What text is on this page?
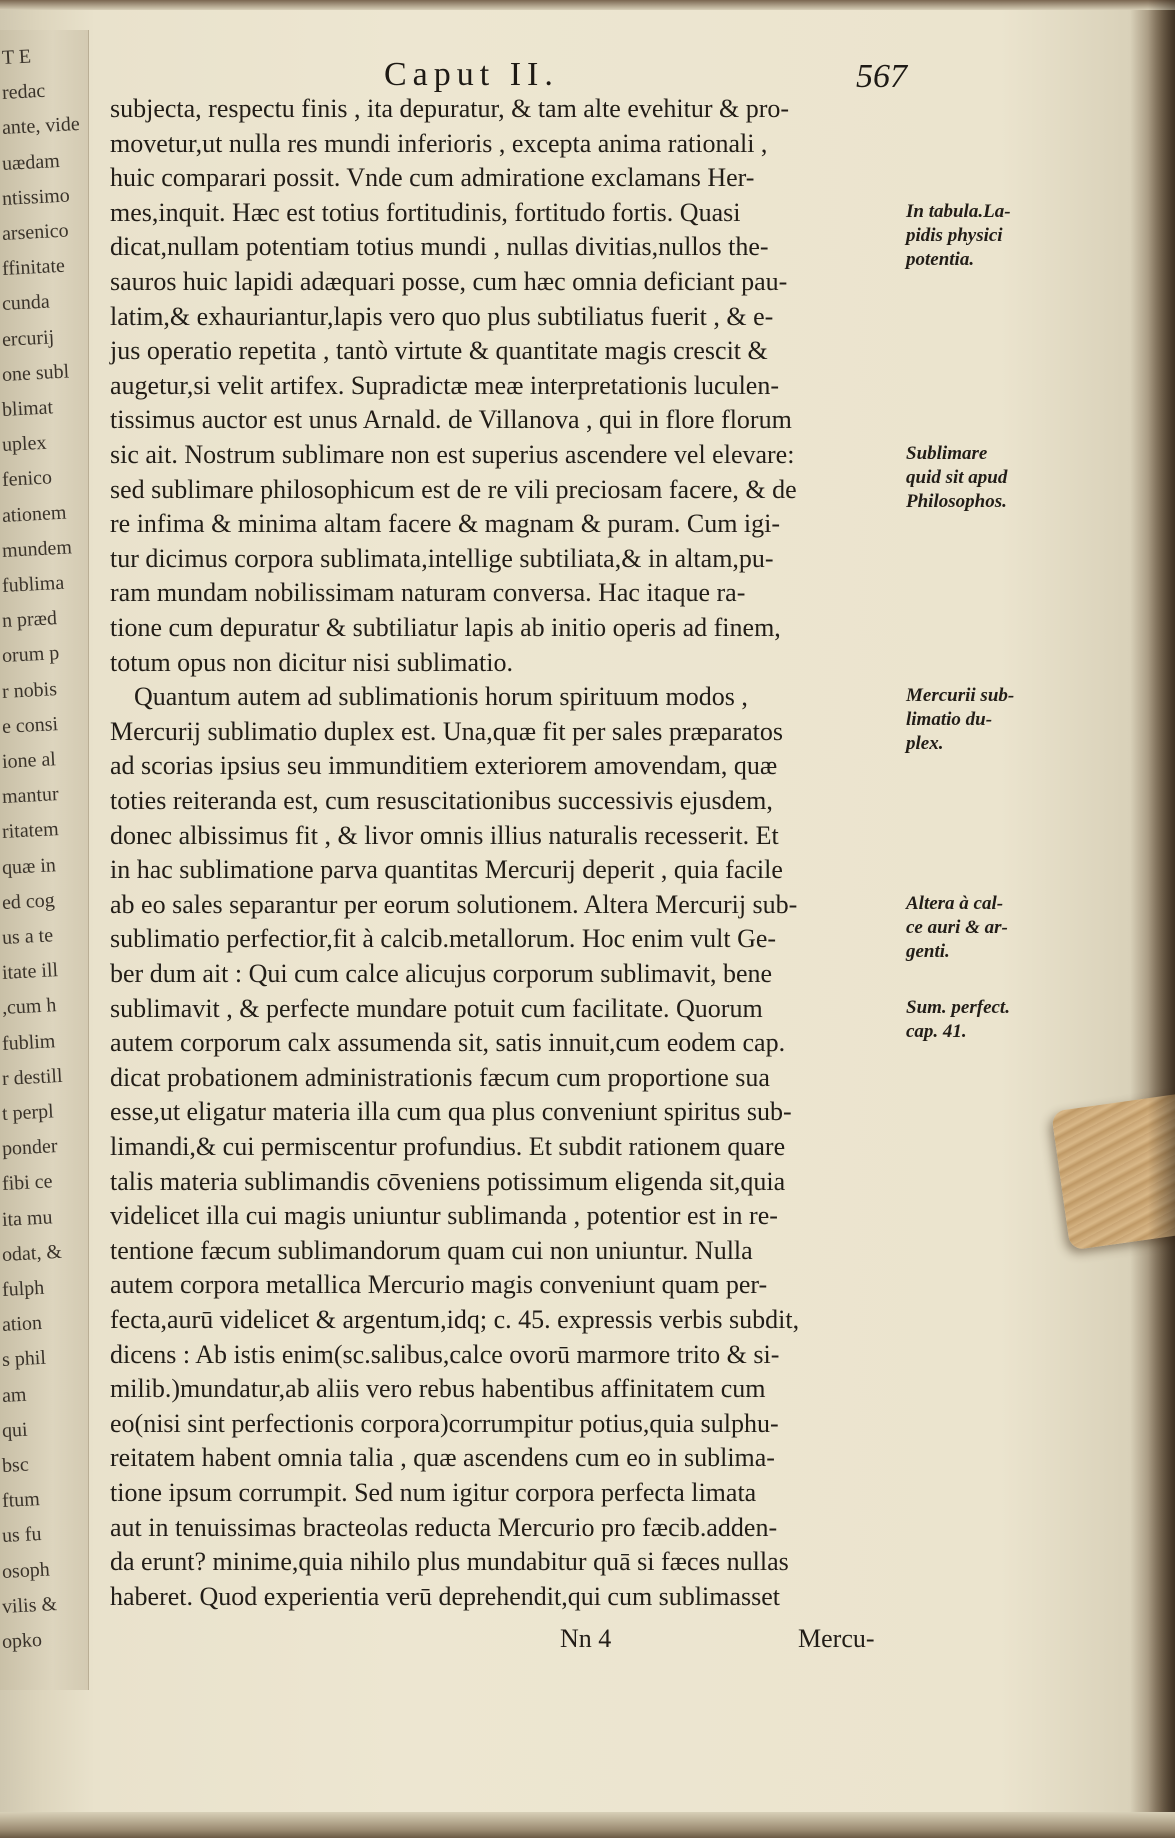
T E
redac
ante, vide
uædam
ntissimo
arsenico
ffinitate
cunda
ercurij
one subl
blimat
uplex
fenico
ationem
mundem
fublima
n præd
orum p
r nobis
e consi
ione al
mantur
ritatem
quæ in
ed cog
us a te
itate ill
,cum h
fublim
r destill
t perpl
ponder
fibi ce
ita mu
odat, &
fulph
ation
s phil
am
qui
bsc
ftum
us fu
osoph
vilis &
opko
Caput II.	567
subjecta, respectu finis , ita depuratur, & tam alte evehitur & pro-
movetur,ut nulla res mundi inferioris , excepta anima rationali ,
huic comparari possit. Vnde cum admiratione exclamans Her-
mes,inquit. Hæc est totius fortitudinis, fortitudo fortis. Quasi
dicat,nullam potentiam totius mundi , nullas divitias,nullos the-
sauros huic lapidi adæquari posse, cum hæc omnia deficiant pau-
latim,& exhauriantur,lapis vero quo plus subtiliatus fuerit , & e-
jus operatio repetita , tantò virtute & quantitate magis crescit &
augetur,si velit artifex. Supradictæ meæ interpretationis luculen-
tissimus auctor est unus Arnald. de Villanova , qui in flore florum
sic ait. Nostrum sublimare non est superius ascendere vel elevare:
sed sublimare philosophicum est de re vili preciosam facere, & de
re infima & minima altam facere & magnam & puram. Cum igi-
tur dicimus corpora sublimata,intellige subtiliata,& in altam,pu-
ram mundam nobilissimam naturam conversa. Hac itaque ra-
tione cum depuratur & subtiliatur lapis ab initio operis ad finem,
totum opus non dicitur nisi sublimatio.
Quantum autem ad sublimationis horum spirituum modos ,
Mercurij sublimatio duplex est. Una,quæ fit per sales præparatos
ad scorias ipsius seu immunditiem exteriorem amovendam, quæ
toties reiteranda est, cum resuscitationibus successivis ejusdem,
donec albissimus fit , & livor omnis illius naturalis recesserit. Et
in hac sublimatione parva quantitas Mercurij deperit , quia facile
ab eo sales separantur per eorum solutionem. Altera Mercurij sub-
sublimatio perfectior,fit à calcib.metallorum. Hoc enim vult Ge-
ber dum ait : Qui cum calce alicujus corporum sublimavit, bene
sublimavit , & perfecte mundare potuit cum facilitate. Quorum
autem corporum calx assumenda sit, satis innuit,cum eodem cap.
dicat probationem administrationis fæcum cum proportione sua
esse,ut eligatur materia illa cum qua plus conveniunt spiritus sub-
limandi,& cui permiscentur profundius. Et subdit rationem quare
talis materia sublimandis cōveniens potissimum eligenda sit,quia
videlicet illa cui magis uniuntur sublimanda , potentior est in re-
tentione fæcum sublimandorum quam cui non uniuntur. Nulla
autem corpora metallica Mercurio magis conveniunt quam per-
fecta,aurū videlicet & argentum,idq; c. 45. expressis verbis subdit,
dicens : Ab istis enim(sc.salibus,calce ovorū marmore trito & si-
milib.)mundatur,ab aliis vero rebus habentibus affinitatem cum
eo(nisi sint perfectionis corpora)corrumpitur potius,quia sulphu-
reitatem habent omnia talia , quæ ascendens cum eo in sublima-
tione ipsum corrumpit. Sed num igitur corpora perfecta limata
aut in tenuissimas bracteolas reducta Mercurio pro fæcib.adden-
da erunt? minime,quia nihilo plus mundabitur quā si fæces nullas
haberet. Quod experientia verū deprehendit,qui cum sublimasset
In tabula.La-
pidis physici
potentia.
Sublimare
quid sit apud
Philosophos.
Mercurii sub-
limatio du-
plex.
Altera à cal-
ce auri & ar-
genti.
Sum. perfect.
cap. 41.
Nn 4	Mercu-
